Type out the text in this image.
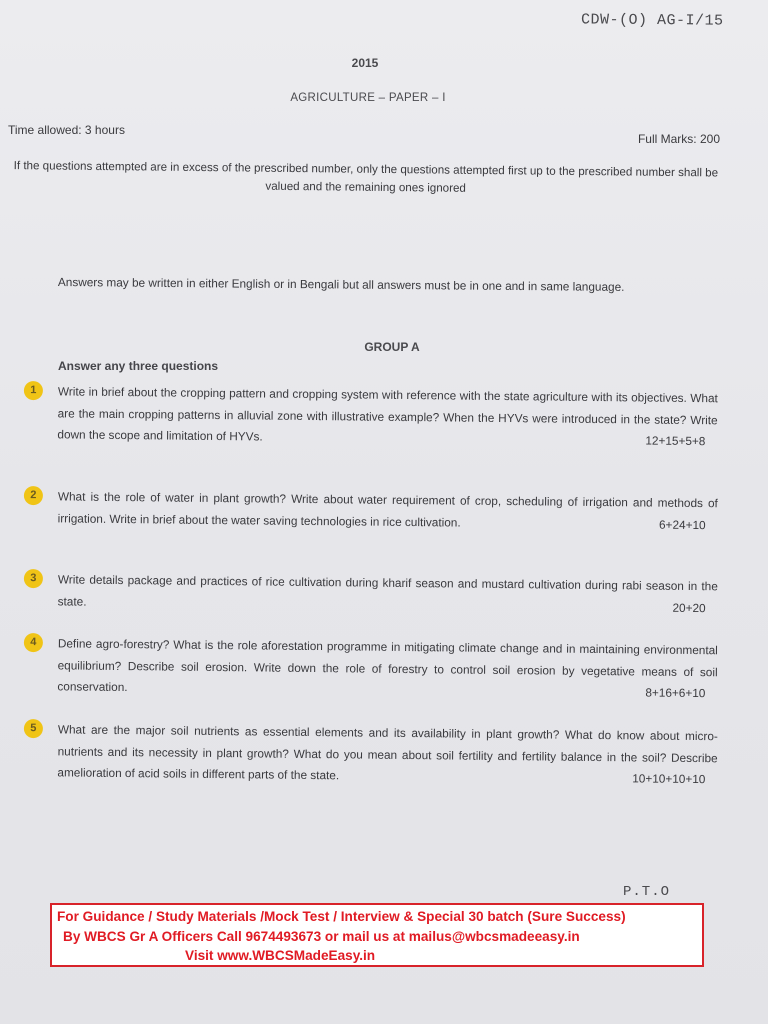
CDW-(O) AG-I/15
2015
AGRICULTURE – PAPER – I
Time allowed: 3 hours
Full Marks: 200
If the questions attempted are in excess of the prescribed number, only the questions attempted first up to the prescribed number shall be valued and the remaining ones ignored
Answers may be written in either English or in Bengali but all answers must be in one and in same language.
GROUP A
Answer any three questions
1	Write in brief about the cropping pattern and cropping system with reference with the state agriculture with its objectives. What are the main cropping patterns in alluvial zone with illustrative example? When the HYVs were introduced in the state? Write down the scope and limitation of HYVs.	12+15+5+8
2	What is the role of water in plant growth? Write about water requirement of crop, scheduling of irrigation and methods of irrigation. Write in brief about the water saving technologies in rice cultivation.	6+24+10
3	Write details package and practices of rice cultivation during kharif season and mustard cultivation during rabi season in the state.	20+20
4	Define agro-forestry? What is the role aforestation programme in mitigating climate change and in maintaining environmental equilibrium? Describe soil erosion. Write down the role of forestry to control soil erosion by vegetative means of soil conservation.	8+16+6+10
5	What are the major soil nutrients as essential elements and its availability in plant growth? What do know about micro-nutrients and its necessity in plant growth? What do you mean about soil fertility and fertility balance in the soil? Describe amelioration of acid soils in different parts of the state.	10+10+10+10
P.T.O
For Guidance / Study Materials /Mock Test / Interview & Special 30 batch (Sure Success)
By WBCS Gr A Officers Call 9674493673 or mail us at mailus@wbcsmadeeasy.in
Visit www.WBCSMadeEasy.in
